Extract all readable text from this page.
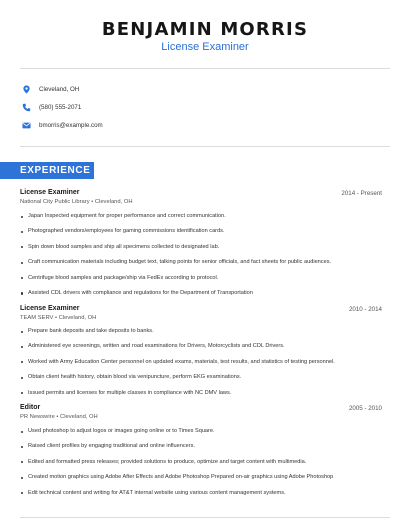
BENJAMIN MORRIS
License Examiner
Cleveland, OH
(580) 555-2071
bmorris@example.com
EXPERIENCE
License Examiner	2014 - Present
National City Public Library • Cleveland, OH
Japan Inspected equipment for proper performance and correct communication.
Photographed vendors/employees for gaming commissions identification cards.
Spin down blood samples and ship all specimens collected to designated lab.
Craft communication materials including budget text, talking points for senior officials, and fact sheets for public audiences.
Centrifuge blood samples and package/ship via FedEx according to protocol.
Assisted CDL drivers with compliance and regulations for the Department of Transportation
License Examiner	2010 - 2014
TEAM SERV • Cleveland, OH
Prepare bank deposits and take deposits to banks.
Administered eye screenings, written and road examinations for Drivers, Motorcyclists and CDL Drivers.
Worked with Army Education Center personnel on updated exams, materials, test results, and statistics of testing personnel.
Obtain client health history, obtain blood via venipuncture, perform EKG examinations.
Issued permits and licenses for multiple classes in compliance with NC DMV laws.
Editor	2005 - 2010
PR Newswire • Cleveland, OH
Used photoshop to adjust logos or images going online or to Times Square.
Raised client profiles by engaging traditional and online influencers.
Edited and formatted press releases; provided solutions to produce, optimize and target content with multimedia.
Created motion graphics using Adobe After Effects and Adobe Photoshop Prepared on-air graphics using Adobe Photoshop
Edit technical content and writing for AT&T internal website using various content management systems.
